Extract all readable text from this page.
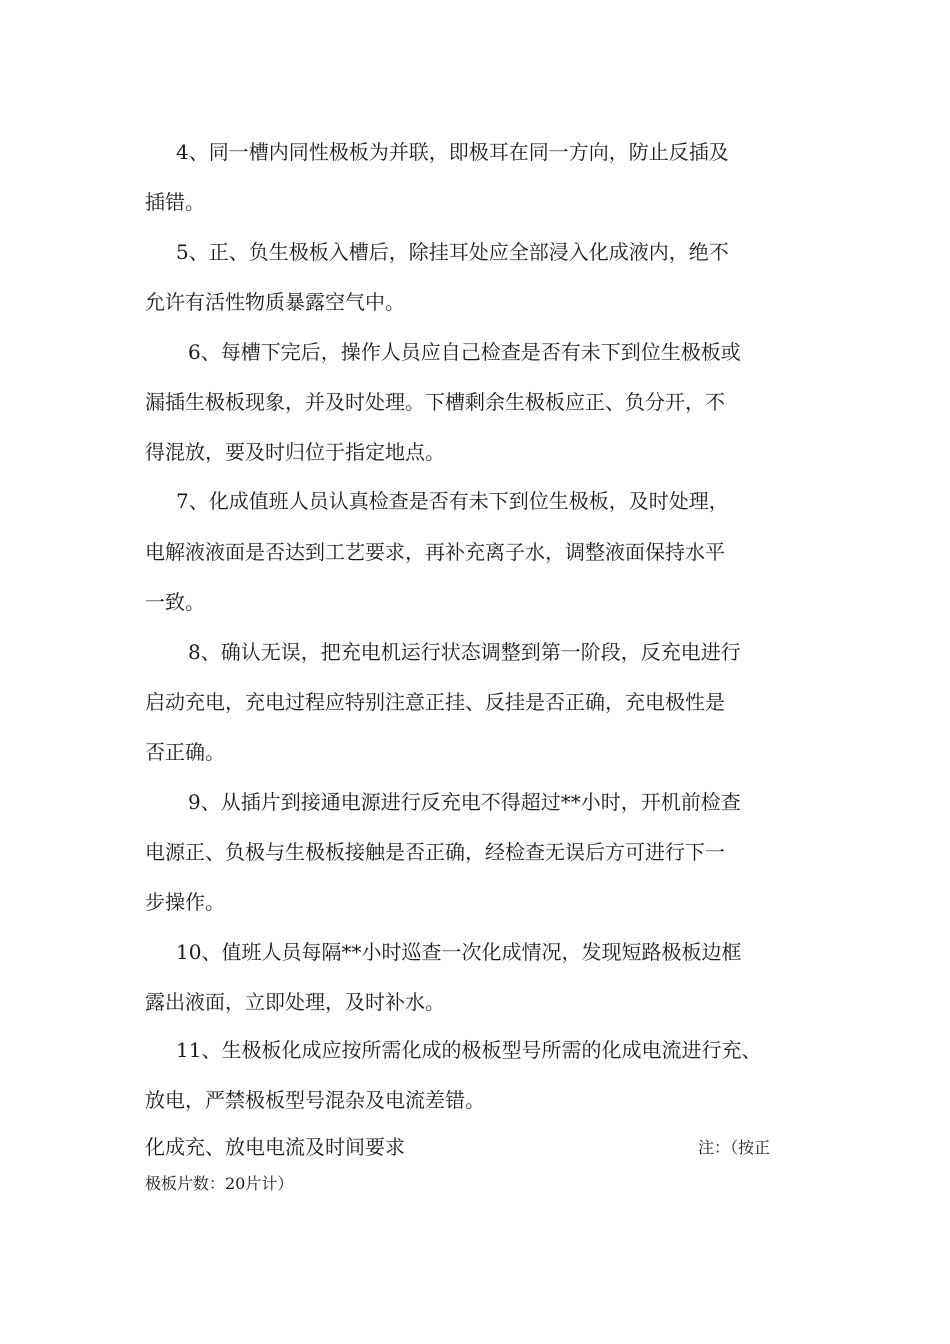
4、同一槽内同性极板为并联，即极耳在同一方向，防止反插及
插错。
5、正、负生极板入槽后，除挂耳处应全部浸入化成液内，绝不
允许有活性物质暴露空气中。
6、每槽下完后，操作人员应自己检查是否有未下到位生极板或
漏插生极板现象，并及时处理。下槽剩余生极板应正、负分开，不
得混放，要及时归位于指定地点。
7、化成值班人员认真检查是否有未下到位生极板，及时处理，
电解液液面是否达到工艺要求，再补充离子水，调整液面保持水平
一致。
8、确认无误，把充电机运行状态调整到第一阶段，反充电进行
启动充电，充电过程应特别注意正挂、反挂是否正确，充电极性是
否正确。
9、从插片到接通电源进行反充电不得超过**小时，开机前检查
电源正、负极与生极板接触是否正确，经检查无误后方可进行下一
步操作。
10、值班人员每隔**小时巡查一次化成情况，发现短路极板边框
露出液面，立即处理，及时补水。
11、生极板化成应按所需化成的极板型号所需的化成电流进行充、
放电，严禁极板型号混杂及电流差错。
化成充、放电电流及时间要求	注：（按正
极板片数：20片计）
